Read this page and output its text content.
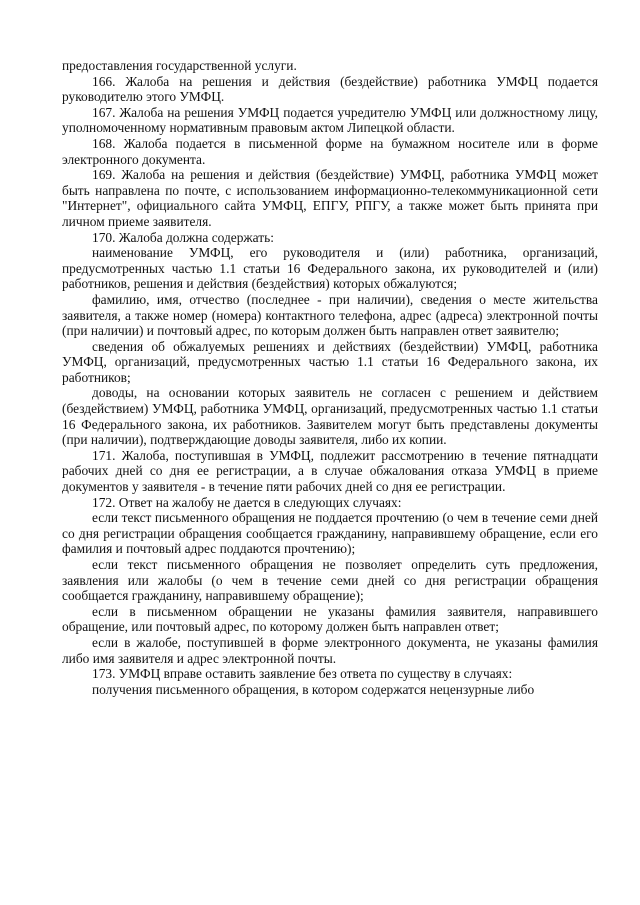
предоставления государственной услуги.

166. Жалоба на решения и действия (бездействие) работника УМФЦ подается руководителю этого УМФЦ.

167. Жалоба на решения УМФЦ подается учредителю УМФЦ или должностному лицу, уполномоченному нормативным правовым актом Липецкой области.

168. Жалоба подается в письменной форме на бумажном носителе или в форме электронного документа.

169. Жалоба на решения и действия (бездействие) УМФЦ, работника УМФЦ может быть направлена по почте, с использованием информационно-телекоммуникационной сети "Интернет", официального сайта УМФЦ, ЕПГУ, РПГУ, а также может быть принята при личном приеме заявителя.

170. Жалоба должна содержать:

наименование УМФЦ, его руководителя и (или) работника, организаций, предусмотренных частью 1.1 статьи 16 Федерального закона, их руководителей и (или) работников, решения и действия (бездействия) которых обжалуются;

фамилию, имя, отчество (последнее - при наличии), сведения о месте жительства заявителя, а также номер (номера) контактного телефона, адрес (адреса) электронной почты (при наличии) и почтовый адрес, по которым должен быть направлен ответ заявителю;

сведения об обжалуемых решениях и действиях (бездействии) УМФЦ, работника УМФЦ, организаций, предусмотренных частью 1.1 статьи 16 Федерального закона, их работников;

доводы, на основании которых заявитель не согласен с решением и действием (бездействием) УМФЦ, работника УМФЦ, организаций, предусмотренных частью 1.1 статьи 16 Федерального закона, их работников. Заявителем могут быть представлены документы (при наличии), подтверждающие доводы заявителя, либо их копии.

171. Жалоба, поступившая в УМФЦ, подлежит рассмотрению в течение пятнадцати рабочих дней со дня ее регистрации, а в случае обжалования отказа УМФЦ в приеме документов у заявителя - в течение пяти рабочих дней со дня ее регистрации.

172. Ответ на жалобу не дается в следующих случаях:

если текст письменного обращения не поддается прочтению (о чем в течение семи дней со дня регистрации обращения сообщается гражданину, направившему обращение, если его фамилия и почтовый адрес поддаются прочтению);

если текст письменного обращения не позволяет определить суть предложения, заявления или жалобы (о чем в течение семи дней со дня регистрации обращения сообщается гражданину, направившему обращение);

если в письменном обращении не указаны фамилия заявителя, направившего обращение, или почтовый адрес, по которому должен быть направлен ответ;

если в жалобе, поступившей в форме электронного документа, не указаны фамилия либо имя заявителя и адрес электронной почты.

173. УМФЦ вправе оставить заявление без ответа по существу в случаях:

получения письменного обращения, в котором содержатся нецензурные либо
